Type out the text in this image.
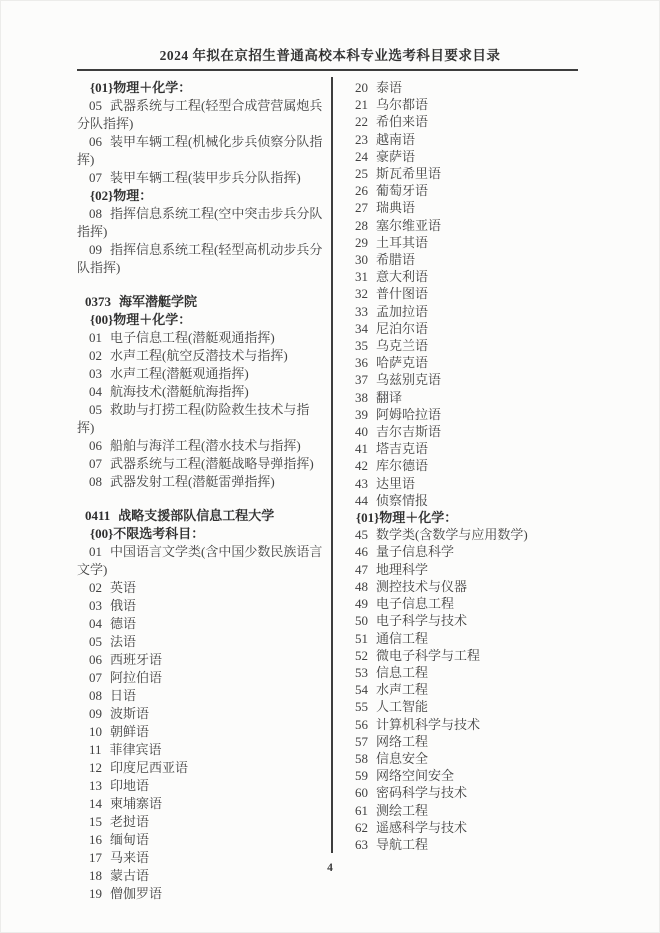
2024 年拟在京招生普通高校本科专业选考科目要求目录
{01}物理＋化学：
05 武器系统与工程(轻型合成营营属炮兵分队指挥)
06 装甲车辆工程(机械化步兵侦察分队指挥)
07 装甲车辆工程(装甲步兵分队指挥)
{02}物理：
08 指挥信息系统工程(空中突击步兵分队指挥)
09 指挥信息系统工程(轻型高机动步兵分队指挥)
0373 海军潜艇学院
{00}物理＋化学：
01 电子信息工程(潜艇观通指挥)
02 水声工程(航空反潜技术与指挥)
03 水声工程(潜艇观通指挥)
04 航海技术(潜艇航海指挥)
05 救助与打捞工程(防险救生技术与指挥)
06 船舶与海洋工程(潜水技术与指挥)
07 武器系统与工程(潜艇战略导弹指挥)
08 武器发射工程(潜艇雷弹指挥)
0411 战略支援部队信息工程大学
{00}不限选考科目：
01 中国语言文学类(含中国少数民族语言文学)
02 英语
03 俄语
04 德语
05 法语
06 西班牙语
07 阿拉伯语
08 日语
09 波斯语
10 朝鲜语
11 菲律宾语
12 印度尼西亚语
13 印地语
14 柬埔寨语
15 老挝语
16 缅甸语
17 马来语
18 蒙古语
19 僧伽罗语
20 泰语
21 乌尔都语
22 希伯来语
23 越南语
24 豪萨语
25 斯瓦希里语
26 葡萄牙语
27 瑞典语
28 塞尔维亚语
29 土耳其语
30 希腊语
31 意大利语
32 普什图语
33 孟加拉语
34 尼泊尔语
35 乌克兰语
36 哈萨克语
37 乌兹别克语
38 翻译
39 阿姆哈拉语
40 吉尔吉斯语
41 塔吉克语
42 库尔德语
43 达里语
44 侦察情报
{01}物理＋化学：
45 数学类(含数学与应用数学)
46 量子信息科学
47 地理科学
48 测控技术与仪器
49 电子信息工程
50 电子科学与技术
51 通信工程
52 微电子科学与工程
53 信息工程
54 水声工程
55 人工智能
56 计算机科学与技术
57 网络工程
58 信息安全
59 网络空间安全
60 密码科学与技术
61 测绘工程
62 遥感科学与技术
63 导航工程
4
